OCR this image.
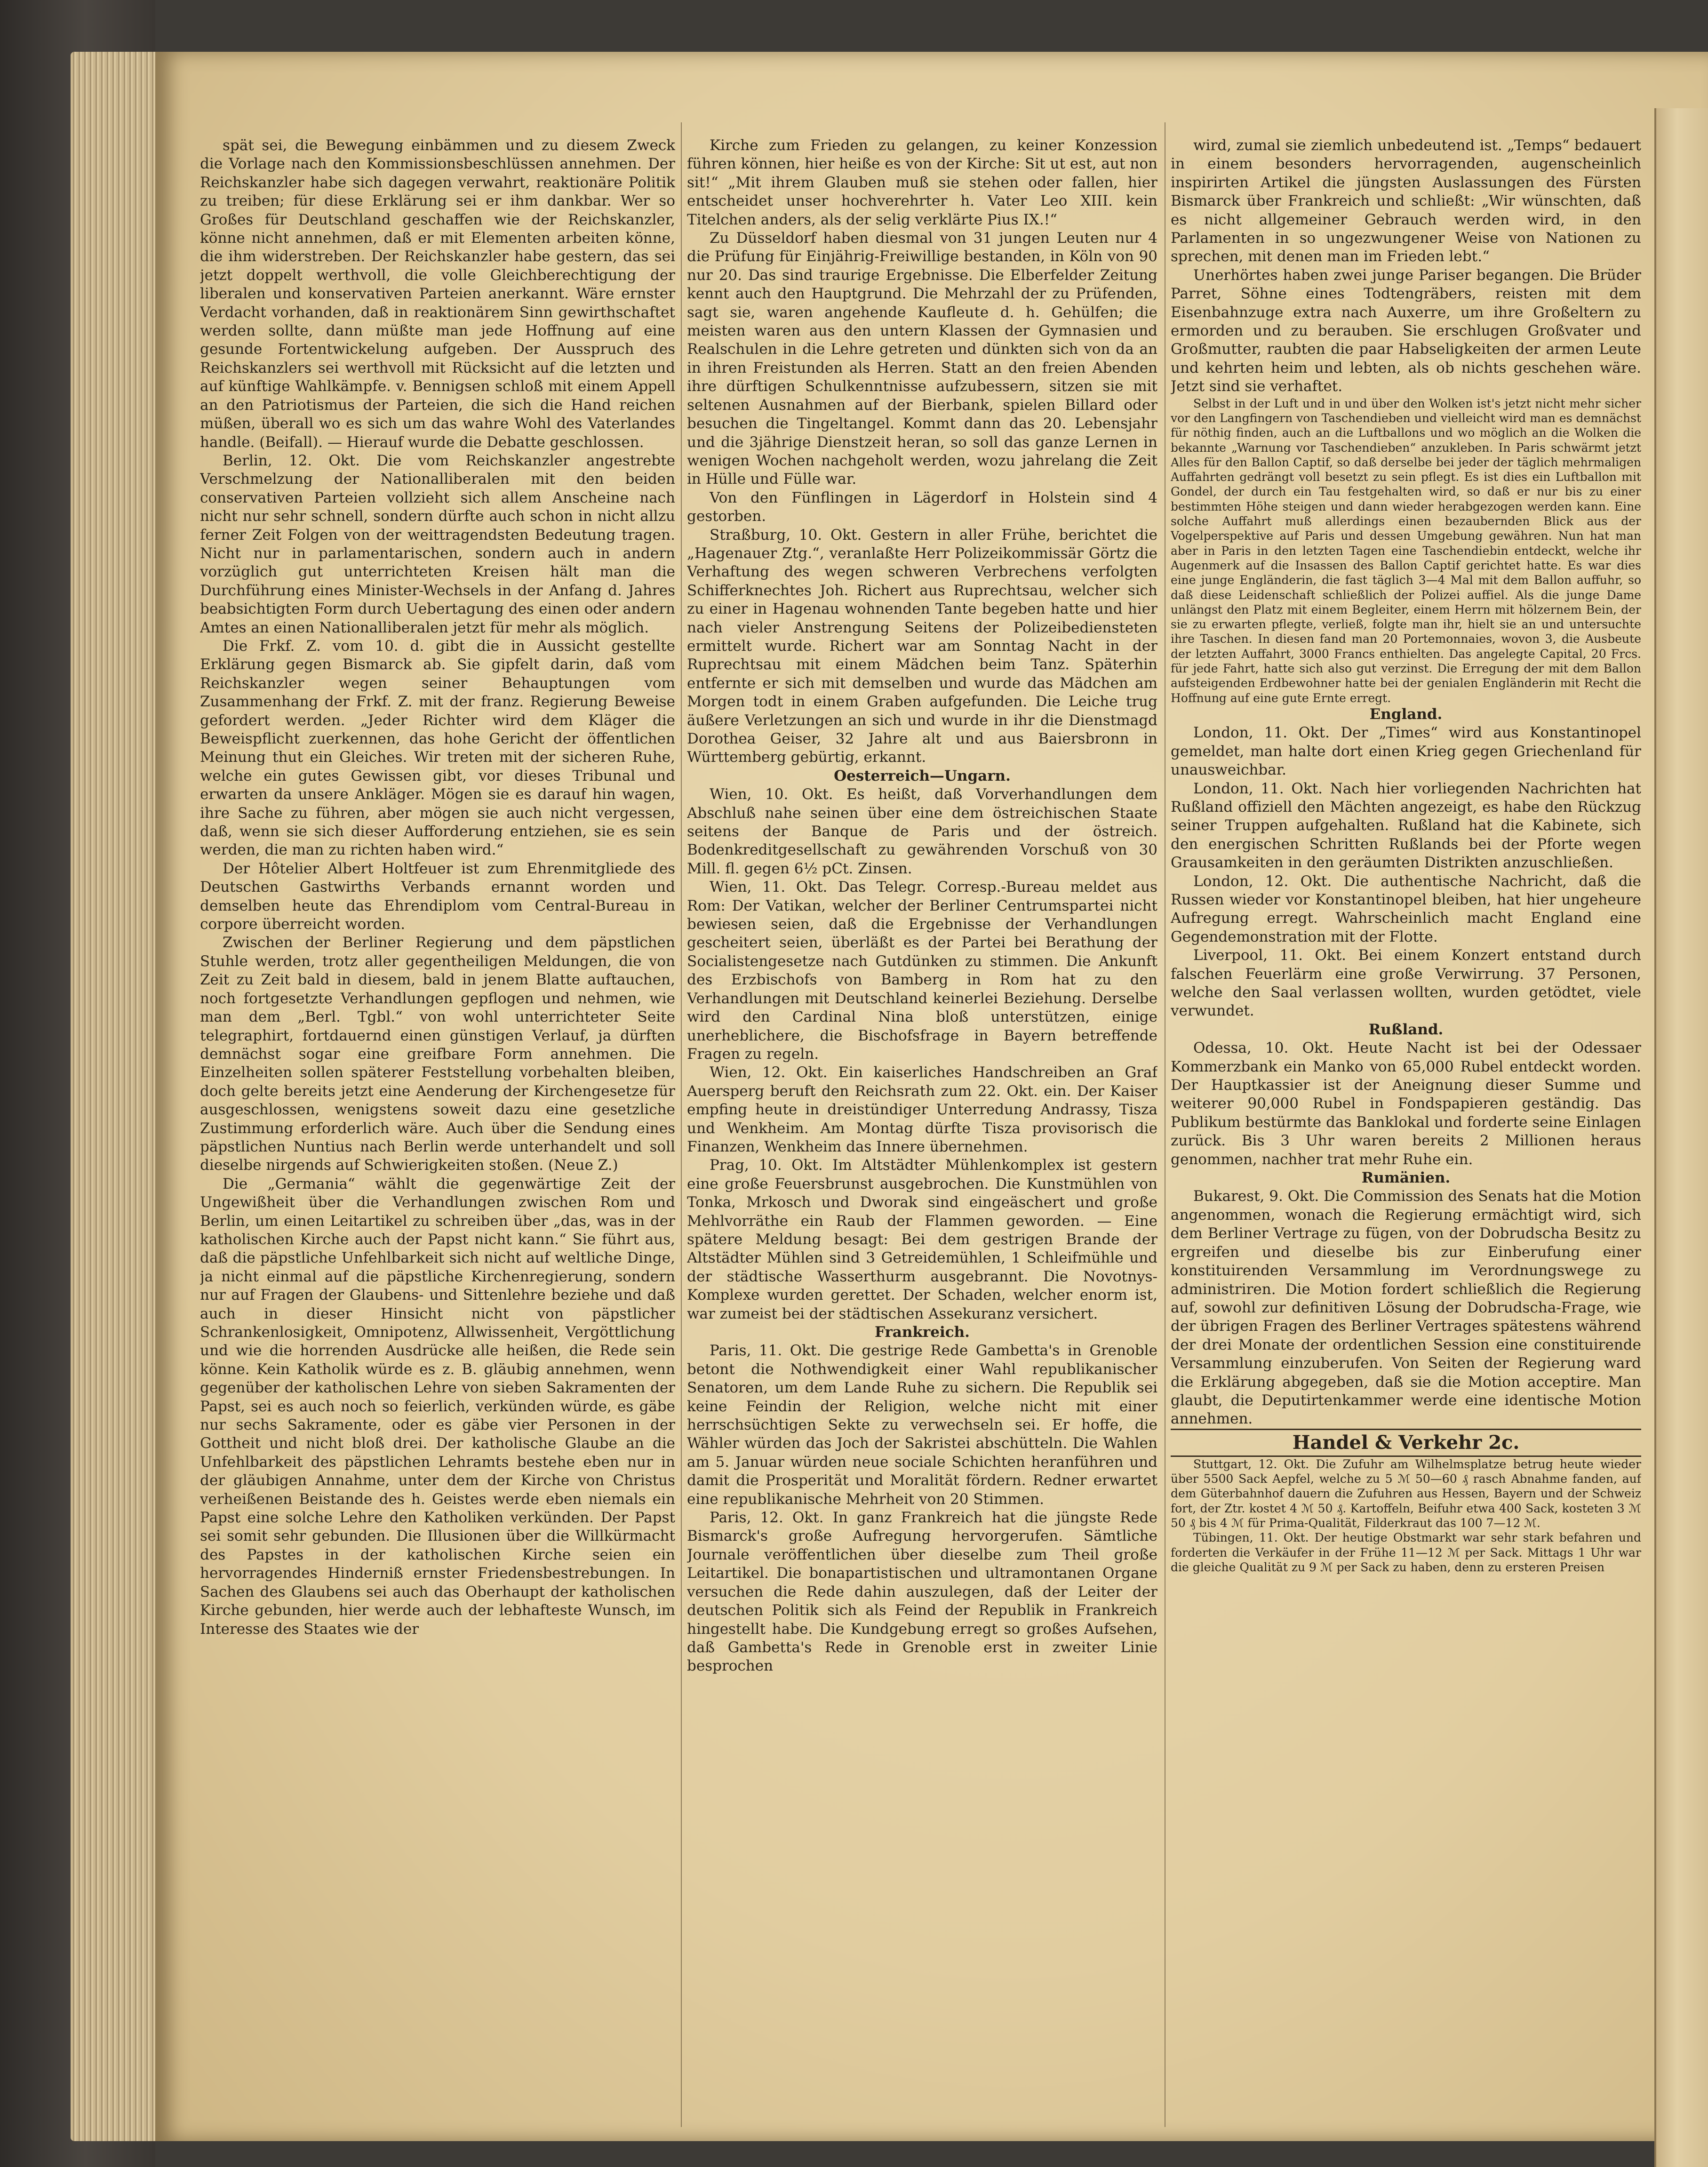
spät sei, die Bewegung einbämmen und zu diesem Zweck die Vorlage nach den Kommissionsbeschlüssen annehmen. Der Reichskanzler habe sich dagegen verwahrt, reaktionäre Politik zu treiben; für diese Erklärung sei er ihm dankbar. Wer so Großes für Deutschland geschaffen wie der Reichskanzler, könne nicht annehmen, daß er mit Elementen arbeiten könne, die ihm widerstreben. Der Reichskanzler habe gestern, das sei jetzt doppelt werthvoll, die volle Gleichberechtigung der liberalen und konservativen Parteien anerkannt. Wäre ernster Verdacht vorhanden, daß in reaktionärem Sinn gewirthschaftet werden sollte, dann müßte man jede Hoffnung auf eine gesunde Fortentwickelung aufgeben. Der Ausspruch des Reichskanzlers sei werthvoll mit Rücksicht auf die letzten und auf künftige Wahlkämpfe. v. Bennigsen schloß mit einem Appell an den Patriotismus der Parteien, die sich die Hand reichen müßen, überall wo es sich um das wahre Wohl des Vaterlandes handle. (Beifall). — Hierauf wurde die Debatte geschlossen.

Berlin, 12. Okt. Die vom Reichskanzler angestrebte Verschmelzung der Nationalliberalen mit den beiden conservativen Parteien vollzieht sich allem Anscheine nach nicht nur sehr schnell, sondern dürfte auch schon in nicht allzu ferner Zeit Folgen von der weittragendsten Bedeutung tragen. Nicht nur in parlamentarischen, sondern auch in andern vorzüglich gut unterrichteten Kreisen hält man die Durchführung eines Minister-Wechsels in der Anfang d. Jahres beabsichtigten Form durch Uebertagung des einen oder andern Amtes an einen Nationalliberalen jetzt für mehr als möglich.

Die Frkf. Z. vom 10. d. gibt die in Aussicht gestellte Erklärung gegen Bismarck ab. Sie gipfelt darin, daß vom Reichskanzler wegen seiner Behauptungen vom Zusammenhang der Frkf. Z. mit der franz. Regierung Beweise gefordert werden. „Jeder Richter wird dem Kläger die Beweispflicht zuerkennen, das hohe Gericht der öffentlichen Meinung thut ein Gleiches. Wir treten mit der sicheren Ruhe, welche ein gutes Gewissen gibt, vor dieses Tribunal und erwarten da unsere Ankläger. Mögen sie es darauf hin wagen, ihre Sache zu führen, aber mögen sie auch nicht vergessen, daß, wenn sie sich dieser Aufforderung entziehen, sie es sein werden, die man zu richten haben wird.“

Der Hôtelier Albert Holtfeuer ist zum Ehrenmitgliede des Deutschen Gastwirths Verbands ernannt worden und demselben heute das Ehrendiplom vom Central-Bureau in corpore überreicht worden.

Zwischen der Berliner Regierung und dem päpstlichen Stuhle werden, trotz aller gegentheiligen Meldungen, die von Zeit zu Zeit bald in diesem, bald in jenem Blatte auftauchen, noch fortgesetzte Verhandlungen gepflogen und nehmen, wie man dem „Berl. Tgbl.“ von wohl unterrichteter Seite telegraphirt, fortdauernd einen günstigen Verlauf, ja dürften demnächst sogar eine greifbare Form annehmen. Die Einzelheiten sollen späterer Feststellung vorbehalten bleiben, doch gelte bereits jetzt eine Aenderung der Kirchengesetze für ausgeschlossen, wenigstens soweit dazu eine gesetzliche Zustimmung erforderlich wäre. Auch über die Sendung eines päpstlichen Nuntius nach Berlin werde unterhandelt und soll dieselbe nirgends auf Schwierigkeiten stoßen. (Neue Z.)

Die „Germania“ wählt die gegenwärtige Zeit der Ungewißheit über die Verhandlungen zwischen Rom und Berlin, um einen Leitartikel zu schreiben über „das, was in der katholischen Kirche auch der Papst nicht kann.“ Sie führt aus, daß die päpstliche Unfehlbarkeit sich nicht auf weltliche Dinge, ja nicht einmal auf die päpstliche Kirchenregierung, sondern nur auf Fragen der Glaubens- und Sittenlehre beziehe und daß auch in dieser Hinsicht nicht von päpstlicher Schrankenlosigkeit, Omnipotenz, Allwissenheit, Vergöttlichung und wie die horrenden Ausdrücke alle heißen, die Rede sein könne. Kein Katholik würde es z. B. gläubig annehmen, wenn gegenüber der katholischen Lehre von sieben Sakramenten der Papst, sei es auch noch so feierlich, verkünden würde, es gäbe nur sechs Sakramente, oder es gäbe vier Personen in der Gottheit und nicht bloß drei. Der katholische Glaube an die Unfehlbarkeit des päpstlichen Lehramts bestehe eben nur in der gläubigen Annahme, unter dem der Kirche von Christus verheißenen Beistande des h. Geistes werde eben niemals ein Papst eine solche Lehre den Katholiken verkünden. Der Papst sei somit sehr gebunden. Die Illusionen über die Willkürmacht des Papstes in der katholischen Kirche seien ein hervorragendes Hinderniß ernster Friedensbestrebungen. In Sachen des Glaubens sei auch das Oberhaupt der katholischen Kirche gebunden, hier werde auch der lebhafteste Wunsch, im Interesse des Staates wie der

Kirche zum Frieden zu gelangen, zu keiner Konzession führen können, hier heiße es von der Kirche: Sit ut est, aut non sit!“ „Mit ihrem Glauben muß sie stehen oder fallen, hier entscheidet unser hochverehrter h. Vater Leo XIII. kein Titelchen anders, als der selig verklärte Pius IX.!“

Zu Düsseldorf haben diesmal von 31 jungen Leuten nur 4 die Prüfung für Einjährig-Freiwillige bestanden, in Köln von 90 nur 20. Das sind traurige Ergebnisse. Die Elberfelder Zeitung kennt auch den Hauptgrund. Die Mehrzahl der zu Prüfenden, sagt sie, waren angehende Kaufleute d. h. Gehülfen; die meisten waren aus den untern Klassen der Gymnasien und Realschulen in die Lehre getreten und dünkten sich von da an in ihren Freistunden als Herren. Statt an den freien Abenden ihre dürftigen Schulkenntnisse aufzubessern, sitzen sie mit seltenen Ausnahmen auf der Bierbank, spielen Billard oder besuchen die Tingeltangel. Kommt dann das 20. Lebensjahr und die 3jährige Dienstzeit heran, so soll das ganze Lernen in wenigen Wochen nachgeholt werden, wozu jahrelang die Zeit in Hülle und Fülle war.

Von den Fünflingen in Lägerdorf in Holstein sind 4 gestorben.

Straßburg, 10. Okt. Gestern in aller Frühe, berichtet die „Hagenauer Ztg.“, veranlaßte Herr Polizeikommissär Görtz die Verhaftung des wegen schweren Verbrechens verfolgten Schifferknechtes Joh. Richert aus Ruprechtsau, welcher sich zu einer in Hagenau wohnenden Tante begeben hatte und hier nach vieler Anstrengung Seitens der Polizeibediensteten ermittelt wurde. Richert war am Sonntag Nacht in der Ruprechtsau mit einem Mädchen beim Tanz. Späterhin entfernte er sich mit demselben und wurde das Mädchen am Morgen todt in einem Graben aufgefunden. Die Leiche trug äußere Verletzungen an sich und wurde in ihr die Dienstmagd Dorothea Geiser, 32 Jahre alt und aus Baiersbronn in Württemberg gebürtig, erkannt.

Oesterreich—Ungarn.

Wien, 10. Okt. Es heißt, daß Vorverhandlungen dem Abschluß nahe seinen über eine dem östreichischen Staate seitens der Banque de Paris und der östreich. Bodenkreditgesellschaft zu gewährenden Vorschuß von 30 Mill. fl. gegen 6½ pCt. Zinsen.

Wien, 11. Okt. Das Telegr. Corresp.-Bureau meldet aus Rom: Der Vatikan, welcher der Berliner Centrumspartei nicht bewiesen seien, daß die Ergebnisse der Verhandlungen gescheitert seien, überläßt es der Partei bei Berathung der Socialistengesetze nach Gutdünken zu stimmen. Die Ankunft des Erzbischofs von Bamberg in Rom hat zu den Verhandlungen mit Deutschland keinerlei Beziehung. Derselbe wird den Cardinal Nina bloß unterstützen, einige unerheblichere, die Bischofsfrage in Bayern betreffende Fragen zu regeln.

Wien, 12. Okt. Ein kaiserliches Handschreiben an Graf Auersperg beruft den Reichsrath zum 22. Okt. ein. Der Kaiser empfing heute in dreistündiger Unterredung Andrassy, Tisza und Wenkheim. Am Montag dürfte Tisza provisorisch die Finanzen, Wenkheim das Innere übernehmen.

Prag, 10. Okt. Im Altstädter Mühlenkomplex ist gestern eine große Feuersbrunst ausgebrochen. Die Kunstmühlen von Tonka, Mrkosch und Dworak sind eingeäschert und große Mehlvorräthe ein Raub der Flammen geworden. — Eine spätere Meldung besagt: Bei dem gestrigen Brande der Altstädter Mühlen sind 3 Getreidemühlen, 1 Schleifmühle und der städtische Wasserthurm ausgebrannt. Die Novotnys-Komplexe wurden gerettet. Der Schaden, welcher enorm ist, war zumeist bei der städtischen Assekuranz versichert.

Frankreich.

Paris, 11. Okt. Die gestrige Rede Gambetta's in Grenoble betont die Nothwendigkeit einer Wahl republikanischer Senatoren, um dem Lande Ruhe zu sichern. Die Republik sei keine Feindin der Religion, welche nicht mit einer herrschsüchtigen Sekte zu verwechseln sei. Er hoffe, die Wähler würden das Joch der Sakristei abschütteln. Die Wahlen am 5. Januar würden neue sociale Schichten heranführen und damit die Prosperität und Moralität fördern. Redner erwartet eine republikanische Mehrheit von 20 Stimmen.

Paris, 12. Okt. In ganz Frankreich hat die jüngste Rede Bismarck's große Aufregung hervorgerufen. Sämtliche Journale veröffentlichen über dieselbe zum Theil große Leitartikel. Die bonapartistischen und ultramontanen Organe versuchen die Rede dahin auszulegen, daß der Leiter der deutschen Politik sich als Feind der Republik in Frankreich hingestellt habe. Die Kundgebung erregt so großes Aufsehen, daß Gambetta's Rede in Grenoble erst in zweiter Linie besprochen

wird, zumal sie ziemlich unbedeutend ist. „Temps“ bedauert in einem besonders hervorragenden, augenscheinlich inspirirten Artikel die jüngsten Auslassungen des Fürsten Bismarck über Frankreich und schließt: „Wir wünschten, daß es nicht allgemeiner Gebrauch werden wird, in den Parlamenten in so ungezwungener Weise von Nationen zu sprechen, mit denen man im Frieden lebt.“

Unerhörtes haben zwei junge Pariser begangen. Die Brüder Parret, Söhne eines Todtengräbers, reisten mit dem Eisenbahnzuge extra nach Auxerre, um ihre Großeltern zu ermorden und zu berauben. Sie erschlugen Großvater und Großmutter, raubten die paar Habseligkeiten der armen Leute und kehrten heim und lebten, als ob nichts geschehen wäre. Jetzt sind sie verhaftet.

Selbst in der Luft und in und über den Wolken ist's jetzt nicht mehr sicher vor den Langfingern von Taschendieben und vielleicht wird man es demnächst für nöthig finden, auch an die Luftballons und wo möglich an die Wolken die bekannte „Warnung vor Taschendieben“ anzukleben. In Paris schwärmt jetzt Alles für den Ballon Captif, so daß derselbe bei jeder der täglich mehrmaligen Auffahrten gedrängt voll besetzt zu sein pflegt. Es ist dies ein Luftballon mit Gondel, der durch ein Tau festgehalten wird, so daß er nur bis zu einer bestimmten Höhe steigen und dann wieder herabgezogen werden kann. Eine solche Auffahrt muß allerdings einen bezaubernden Blick aus der Vogelperspektive auf Paris und dessen Umgebung gewähren. Nun hat man aber in Paris in den letzten Tagen eine Taschendiebin entdeckt, welche ihr Augenmerk auf die Insassen des Ballon Captif gerichtet hatte. Es war dies eine junge Engländerin, die fast täglich 3—4 Mal mit dem Ballon auffuhr, so daß diese Leidenschaft schließlich der Polizei auffiel. Als die junge Dame unlängst den Platz mit einem Begleiter, einem Herrn mit hölzernem Bein, der sie zu erwarten pflegte, verließ, folgte man ihr, hielt sie an und untersuchte ihre Taschen. In diesen fand man 20 Portemonnaies, wovon 3, die Ausbeute der letzten Auffahrt, 3000 Francs enthielten. Das angelegte Capital, 20 Frcs. für jede Fahrt, hatte sich also gut verzinst. Die Erregung der mit dem Ballon aufsteigenden Erdbewohner hatte bei der genialen Engländerin mit Recht die Hoffnung auf eine gute Ernte erregt.

England.

London, 11. Okt. Der „Times“ wird aus Konstantinopel gemeldet, man halte dort einen Krieg gegen Griechenland für unausweichbar.

London, 11. Okt. Nach hier vorliegenden Nachrichten hat Rußland offiziell den Mächten angezeigt, es habe den Rückzug seiner Truppen aufgehalten. Rußland hat die Kabinete, sich den energischen Schritten Rußlands bei der Pforte wegen Grausamkeiten in den geräumten Distrikten anzuschließen.

London, 12. Okt. Die authentische Nachricht, daß die Russen wieder vor Konstantinopel bleiben, hat hier ungeheure Aufregung erregt. Wahrscheinlich macht England eine Gegendemonstration mit der Flotte.

Liverpool, 11. Okt. Bei einem Konzert entstand durch falschen Feuerlärm eine große Verwirrung. 37 Personen, welche den Saal verlassen wollten, wurden getödtet, viele verwundet.

Rußland.

Odessa, 10. Okt. Heute Nacht ist bei der Odessaer Kommerzbank ein Manko von 65,000 Rubel entdeckt worden. Der Hauptkassier ist der Aneignung dieser Summe und weiterer 90,000 Rubel in Fondspapieren geständig. Das Publikum bestürmte das Banklokal und forderte seine Einlagen zurück. Bis 3 Uhr waren bereits 2 Millionen heraus genommen, nachher trat mehr Ruhe ein.

Rumänien.

Bukarest, 9. Okt. Die Commission des Senats hat die Motion angenommen, wonach die Regierung ermächtigt wird, sich dem Berliner Vertrage zu fügen, von der Dobrudscha Besitz zu ergreifen und dieselbe bis zur Einberufung einer konstituirenden Versammlung im Verordnungswege zu administriren. Die Motion fordert schließlich die Regierung auf, sowohl zur definitiven Lösung der Dobrudscha-Frage, wie der übrigen Fragen des Berliner Vertrages spätestens während der drei Monate der ordentlichen Session eine constituirende Versammlung einzuberufen. Von Seiten der Regierung ward die Erklärung abgegeben, daß sie die Motion acceptire. Man glaubt, die Deputirtenkammer werde eine identische Motion annehmen.

Handel & Verkehr 2c.

Stuttgart, 12. Okt. Die Zufuhr am Wilhelmsplatze betrug heute wieder über 5500 Sack Aepfel, welche zu 5 ℳ 50—60 ₰ rasch Abnahme fanden, auf dem Güterbahnhof dauern die Zufuhren aus Hessen, Bayern und der Schweiz fort, der Ztr. kostet 4 ℳ 50 ₰. Kartoffeln, Beifuhr etwa 400 Sack, kosteten 3 ℳ 50 ₰ bis 4 ℳ für Prima-Qualität, Filderkraut das 100 7—12 ℳ.

Tübingen, 11. Okt. Der heutige Obstmarkt war sehr stark befahren und forderten die Verkäufer in der Frühe 11—12 ℳ per Sack. Mittags 1 Uhr war die gleiche Qualität zu 9 ℳ per Sack zu haben, denn zu ersteren Preisen
